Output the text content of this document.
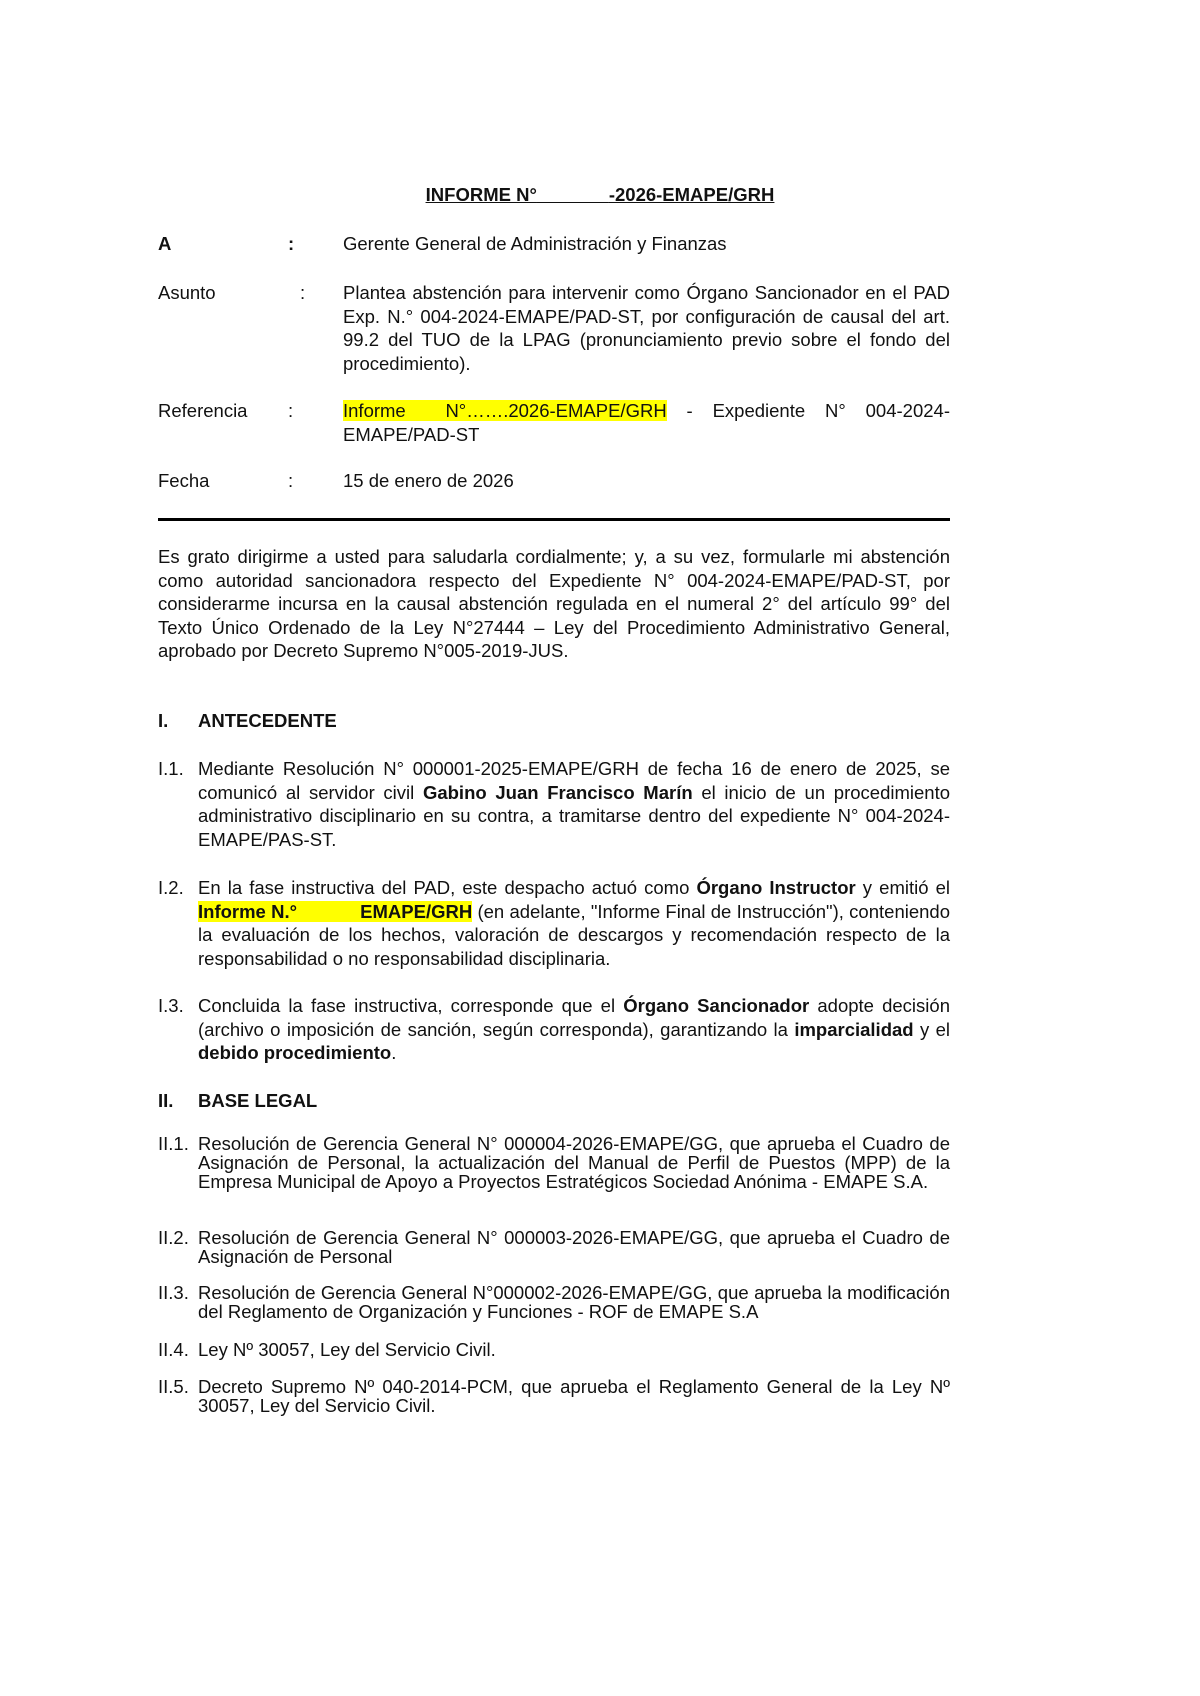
INFORME N°	-2026-EMAPE/GRH
A	:	Gerente General de Administración y Finanzas
Asunto	: Plantea abstención para intervenir como Órgano Sancionador en el PAD Exp. N.° 004-2024-EMAPE/PAD-ST, por configuración de causal del art. 99.2 del TUO de la LPAG (pronunciamiento previo sobre el fondo del procedimiento).
Referencia :	Informe  N°…….2026-EMAPE/GRH - Expediente N° 004-2024-EMAPE/PAD-ST
Fecha	:	15 de enero de 2026
Es grato dirigirme a usted para saludarla cordialmente; y, a su vez, formularle mi abstención como autoridad sancionadora respecto del Expediente N° 004-2024-EMAPE/PAD-ST, por considerarme incursa en la causal abstención regulada en el numeral 2° del artículo 99° del Texto Único Ordenado de la Ley N°27444 – Ley del Procedimiento Administrativo General, aprobado por Decreto Supremo N°005-2019-JUS.
I. ANTECEDENTE
I.1. Mediante Resolución N° 000001-2025-EMAPE/GRH de fecha 16 de enero de 2025, se comunicó al servidor civil Gabino Juan Francisco Marín el inicio de un procedimiento administrativo disciplinario en su contra, a tramitarse dentro del expediente N° 004-2024-EMAPE/PAS-ST.
I.2. En la fase instructiva del PAD, este despacho actuó como Órgano Instructor y emitió el Informe N.°            EMAPE/GRH (en adelante, "Informe Final de Instrucción"), conteniendo la evaluación de los hechos, valoración de descargos y recomendación respecto de la responsabilidad o no responsabilidad disciplinaria.
I.3. Concluida la fase instructiva, corresponde que el Órgano Sancionador adopte decisión (archivo o imposición de sanción, según corresponda), garantizando la imparcialidad y el debido procedimiento.
II. BASE LEGAL
II.1. Resolución de Gerencia General N° 000004-2026-EMAPE/GG, que aprueba el Cuadro de Asignación de Personal, la actualización del Manual de Perfil de Puestos (MPP) de la Empresa Municipal de Apoyo a Proyectos Estratégicos Sociedad Anónima - EMAPE S.A.
II.2. Resolución de Gerencia General N° 000003-2026-EMAPE/GG, que aprueba el Cuadro de Asignación de Personal
II.3. Resolución de Gerencia General N°000002-2026-EMAPE/GG, que aprueba la modificación del Reglamento de Organización y Funciones - ROF de EMAPE S.A
II.4. Ley Nº 30057, Ley del Servicio Civil.
II.5. Decreto Supremo Nº 040-2014-PCM, que aprueba el Reglamento General de la Ley Nº 30057, Ley del Servicio Civil.
